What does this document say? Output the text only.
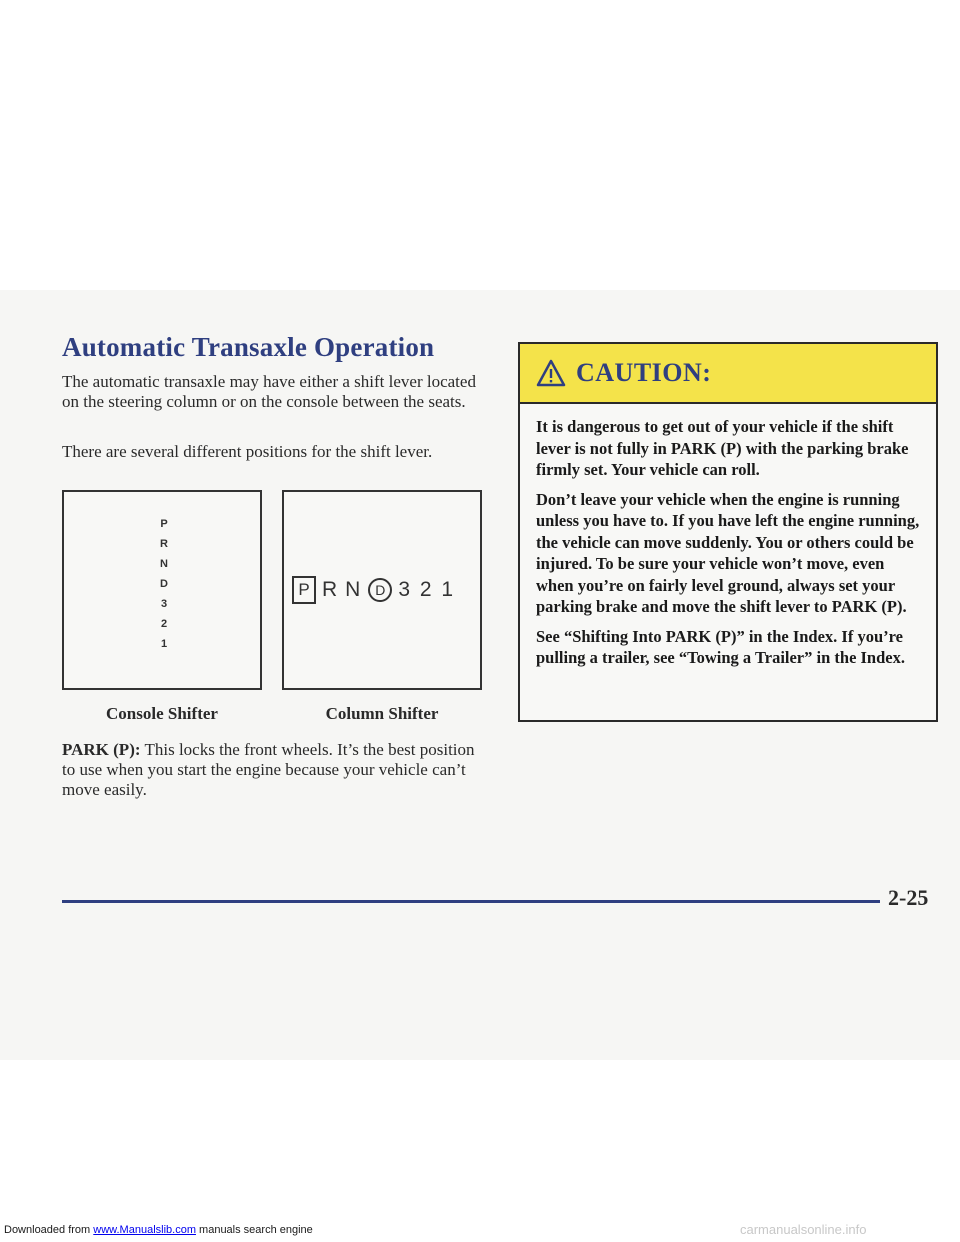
Automatic Transaxle Operation

The automatic transaxle may have either a shift lever located on the steering column or on the console between the seats.

There are several different positions for the shift lever.

P
R
N
D
3
2
1
Console Shifter
P R N D 3 2 1
Column Shifter

PARK (P): This locks the front wheels. It’s the best position to use when you start the engine because your vehicle can’t move easily.

CAUTION:

It is dangerous to get out of your vehicle if the shift lever is not fully in PARK (P) with the parking brake firmly set. Your vehicle can roll.

Don’t leave your vehicle when the engine is running unless you have to. If you have left the engine running, the vehicle can move suddenly. You or others could be injured. To be sure your vehicle won’t move, even when you’re on fairly level ground, always set your parking brake and move the shift lever to PARK (P).

See “Shifting Into PARK (P)” in the Index. If you’re pulling a trailer, see “Towing a Trailer” in the Index.

2-25
Downloaded from www.Manualslib.com manuals search engine	carmanualsonline.info
